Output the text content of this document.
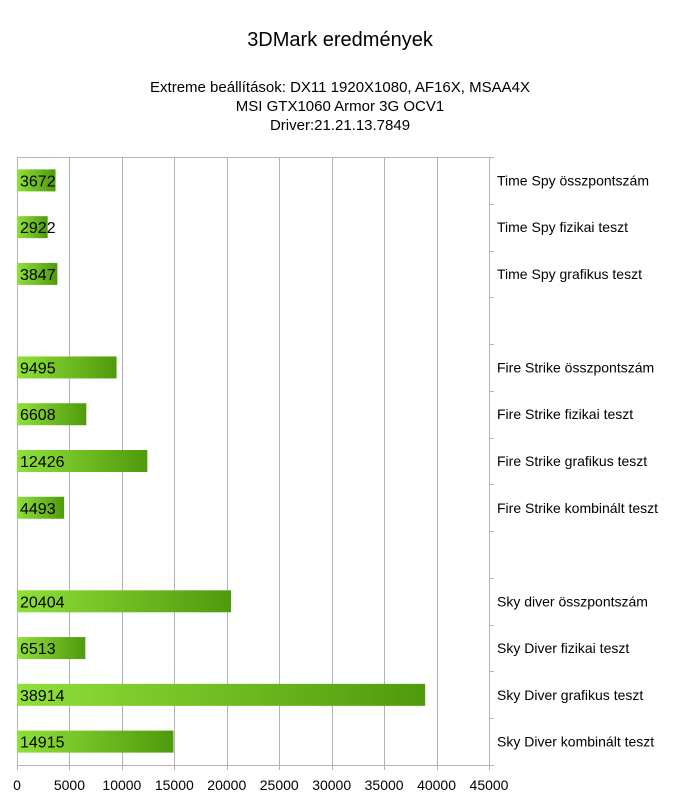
3DMark eredmények
Extreme beállítások: DX11 1920X1080, AF16X, MSAA4X
MSI GTX1060 Armor 3G OCV1
Driver:21.21.13.7849
3672
2922
3847
9495
6608
12426
4493
20404
6513
38914
14915
0 5000 10000 15000 20000 25000 30000 35000 40000 45000
Time Spy összpontszám
Time Spy fizikai teszt
Time Spy grafikus teszt
Fire Strike összpontszám
Fire Strike fizikai teszt
Fire Strike grafikus teszt
Fire Strike kombinált teszt
Sky diver összpontszám
Sky Diver fizikai teszt
Sky Diver grafikus teszt
Sky Diver kombinált teszt
